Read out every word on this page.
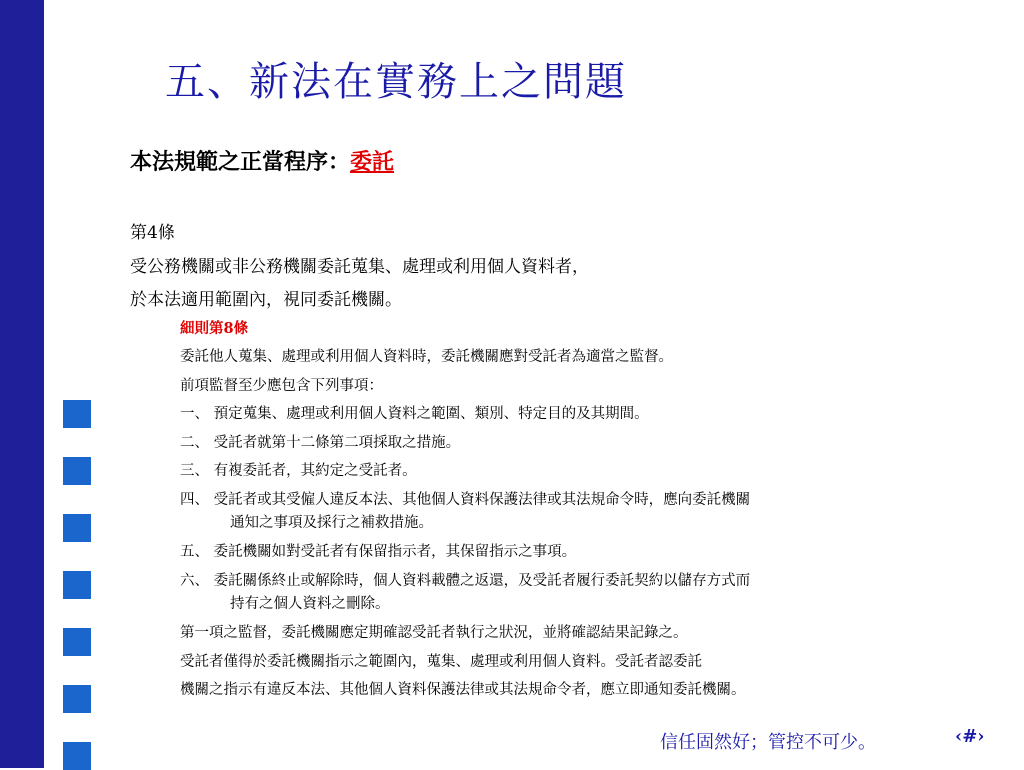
五、新法在實務上之問題
本法規範之正當程序：委託
第4條
受公務機關或非公務機關委託蒐集、處理或利用個人資料者，
於本法適用範圍內，視同委託機關。
細則第8條
委託他人蒐集、處理或利用個人資料時，委託機關應對受託者為適當之監督。
前項監督至少應包含下列事項：
一、 預定蒐集、處理或利用個人資料之範圍、類別、特定目的及其期間。
二、 受託者就第十二條第二項採取之措施。
三、 有複委託者，其約定之受託者。
四、 受託者或其受僱人違反本法、其他個人資料保護法律或其法規命令時，應向委託機關
通知之事項及採行之補救措施。
五、 委託機關如對受託者有保留指示者，其保留指示之事項。
六、 委託關係終止或解除時，個人資料載體之返還，及受託者履行委託契約以儲存方式而
持有之個人資料之刪除。
第一項之監督，委託機關應定期確認受託者執行之狀況，並將確認結果記錄之。
受託者僅得於委託機關指示之範圍內，蒐集、處理或利用個人資料。受託者認委託
機關之指示有違反本法、其他個人資料保護法律或其法規命令者，應立即通知委託機關。
信任固然好；管控不可少。	‹#›
